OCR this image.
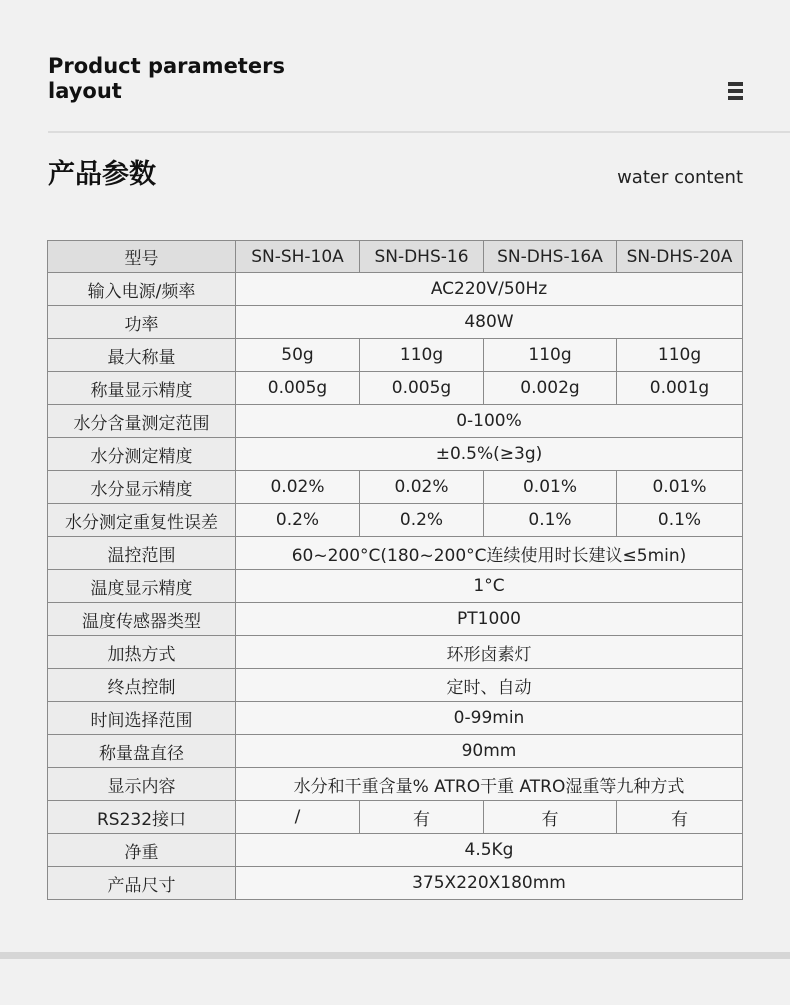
Product parameters
layout
产品参数	water content
型号	SN-SH-10A	SN-DHS-16	SN-DHS-16A	SN-DHS-20A
输入电源/频率	AC220V/50Hz			
功率	480W			
最大称量	50g	110g	110g	110g
称量显示精度	0.005g	0.005g	0.002g	0.001g
水分含量测定范围	0-100%			
水分测定精度	±0.5%(≥3g)			
水分显示精度	0.02%	0.02%	0.01%	0.01%
水分测定重复性误差	0.2%	0.2%	0.1%	0.1%
温控范围	60~200°C(180~200°C连续使用时长建议≤5min)			
温度显示精度	1°C			
温度传感器类型	PT1000			
加热方式	环形卤素灯			
终点控制	定时、自动			
时间选择范围	0-99min			
称量盘直径	90mm			
显示内容	水分和干重含量% ATRO干重 ATRO湿重等九种方式			
RS232接口	/	有	有	有
净重	4.5Kg			
产品尺寸	375X220X180mm			
